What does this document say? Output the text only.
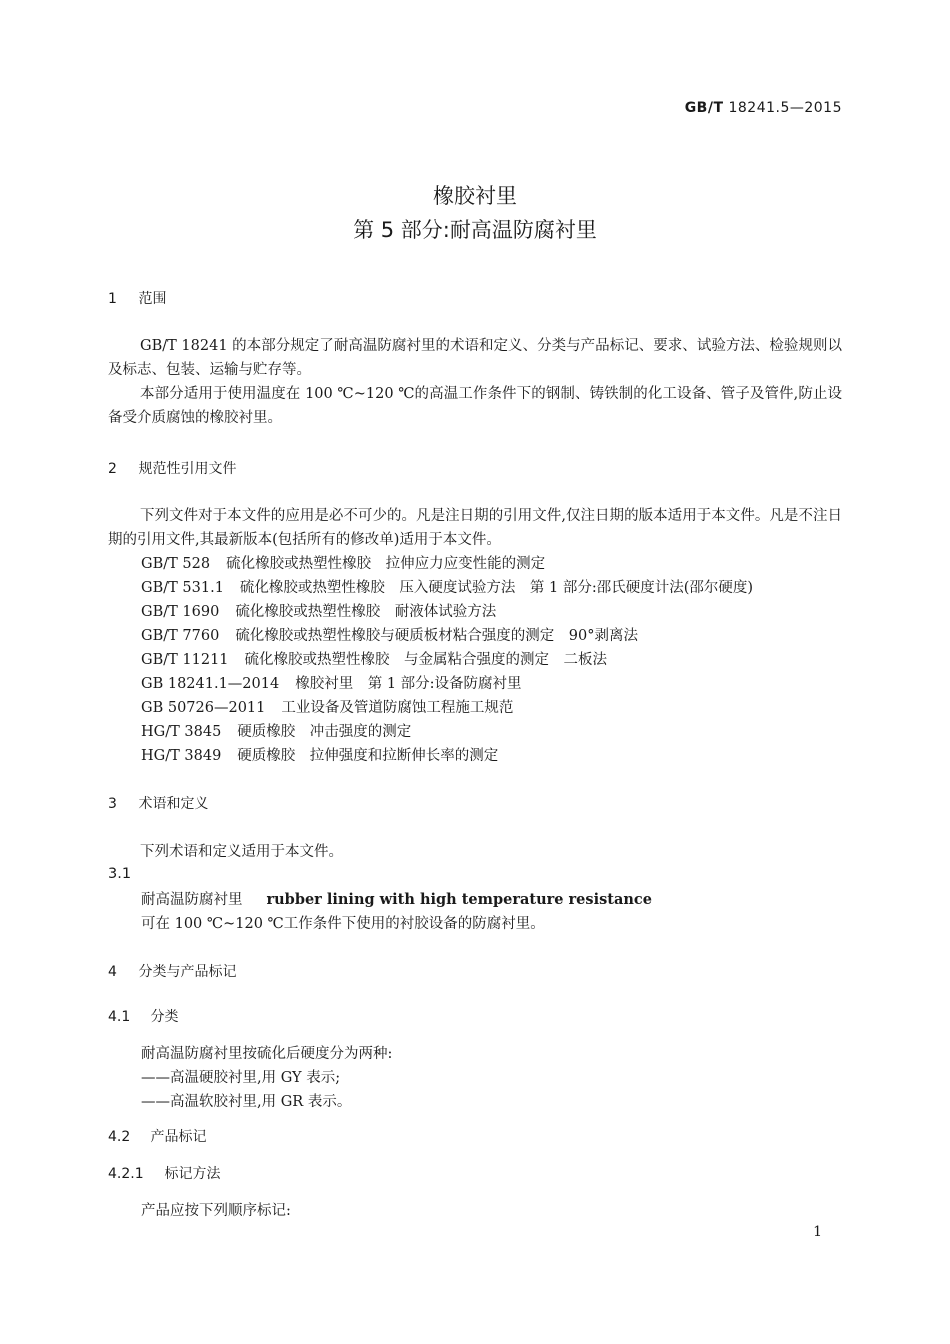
GB/T 18241.5—2015
橡胶衬里
第 5 部分:耐高温防腐衬里
1 范围
GB/T 18241 的本部分规定了耐高温防腐衬里的术语和定义、分类与产品标记、要求、试验方法、检验规则以及标志、包装、运输与贮存等。
本部分适用于使用温度在 100 ℃~120 ℃的高温工作条件下的钢制、铸铁制的化工设备、管子及管件,防止设备受介质腐蚀的橡胶衬里。
2 规范性引用文件
下列文件对于本文件的应用是必不可少的。凡是注日期的引用文件,仅注日期的版本适用于本文件。凡是不注日期的引用文件,其最新版本(包括所有的修改单)适用于本文件。
GB/T 528 硫化橡胶或热塑性橡胶　拉伸应力应变性能的测定
GB/T 531.1 硫化橡胶或热塑性橡胶　压入硬度试验方法　第 1 部分:邵氏硬度计法(邵尔硬度)
GB/T 1690 硫化橡胶或热塑性橡胶　耐液体试验方法
GB/T 7760 硫化橡胶或热塑性橡胶与硬质板材粘合强度的测定　90°剥离法
GB/T 11211 硫化橡胶或热塑性橡胶　与金属粘合强度的测定　二板法
GB 18241.1—2014 橡胶衬里　第 1 部分:设备防腐衬里
GB 50726—2011 工业设备及管道防腐蚀工程施工规范
HG/T 3845 硬质橡胶　冲击强度的测定
HG/T 3849 硬质橡胶　拉伸强度和拉断伸长率的测定
3 术语和定义
下列术语和定义适用于本文件。
3.1
耐高温防腐衬里 rubber lining with high temperature resistance
可在 100 ℃~120 ℃工作条件下使用的衬胶设备的防腐衬里。
4 分类与产品标记
4.1 分类
耐高温防腐衬里按硫化后硬度分为两种:
——高温硬胶衬里,用 GY 表示;
——高温软胶衬里,用 GR 表示。
4.2 产品标记
4.2.1 标记方法
产品应按下列顺序标记:
1
